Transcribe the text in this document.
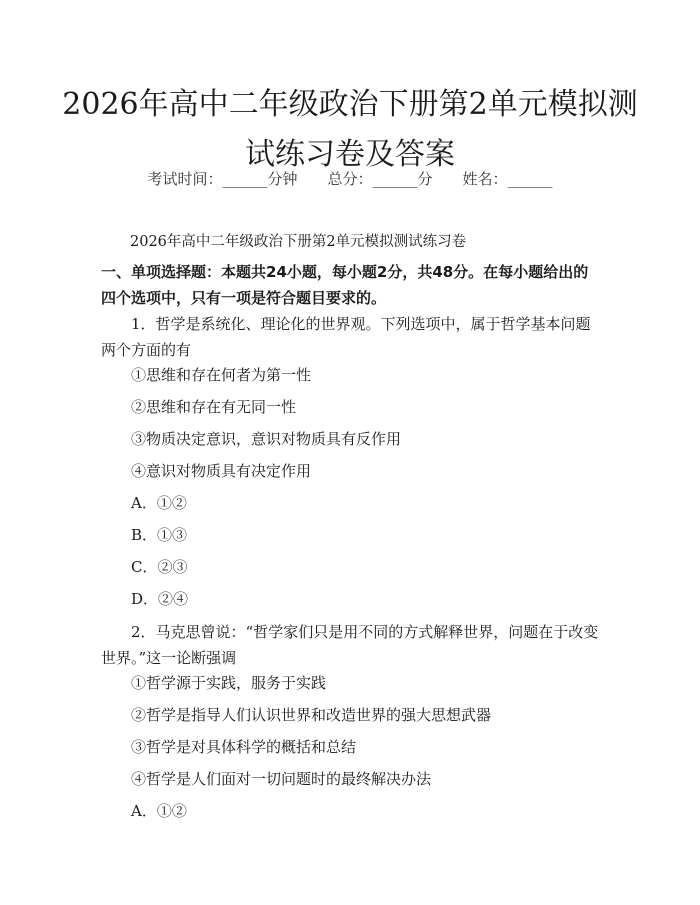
2026年高中二年级政治下册第2单元模拟测试练习卷及答案
考试时间：______分钟 总分：______分 姓名：______
2026年高中二年级政治下册第2单元模拟测试练习卷
一、单项选择题：本题共24小题，每小题2分，共48分。在每小题给出的四个选项中，只有一项是符合题目要求的。
1．哲学是系统化、理论化的世界观。下列选项中，属于哲学基本问题两个方面的有
①思维和存在何者为第一性
②思维和存在有无同一性
③物质决定意识，意识对物质具有反作用
④意识对物质具有决定作用
A．①②
B．①③
C．②③
D．②④
2．马克思曾说：“哲学家们只是用不同的方式解释世界，问题在于改变世界。”这一论断强调
①哲学源于实践，服务于实践
②哲学是指导人们认识世界和改造世界的强大思想武器
③哲学是对具体科学的概括和总结
④哲学是人们面对一切问题时的最终解决办法
A．①②
